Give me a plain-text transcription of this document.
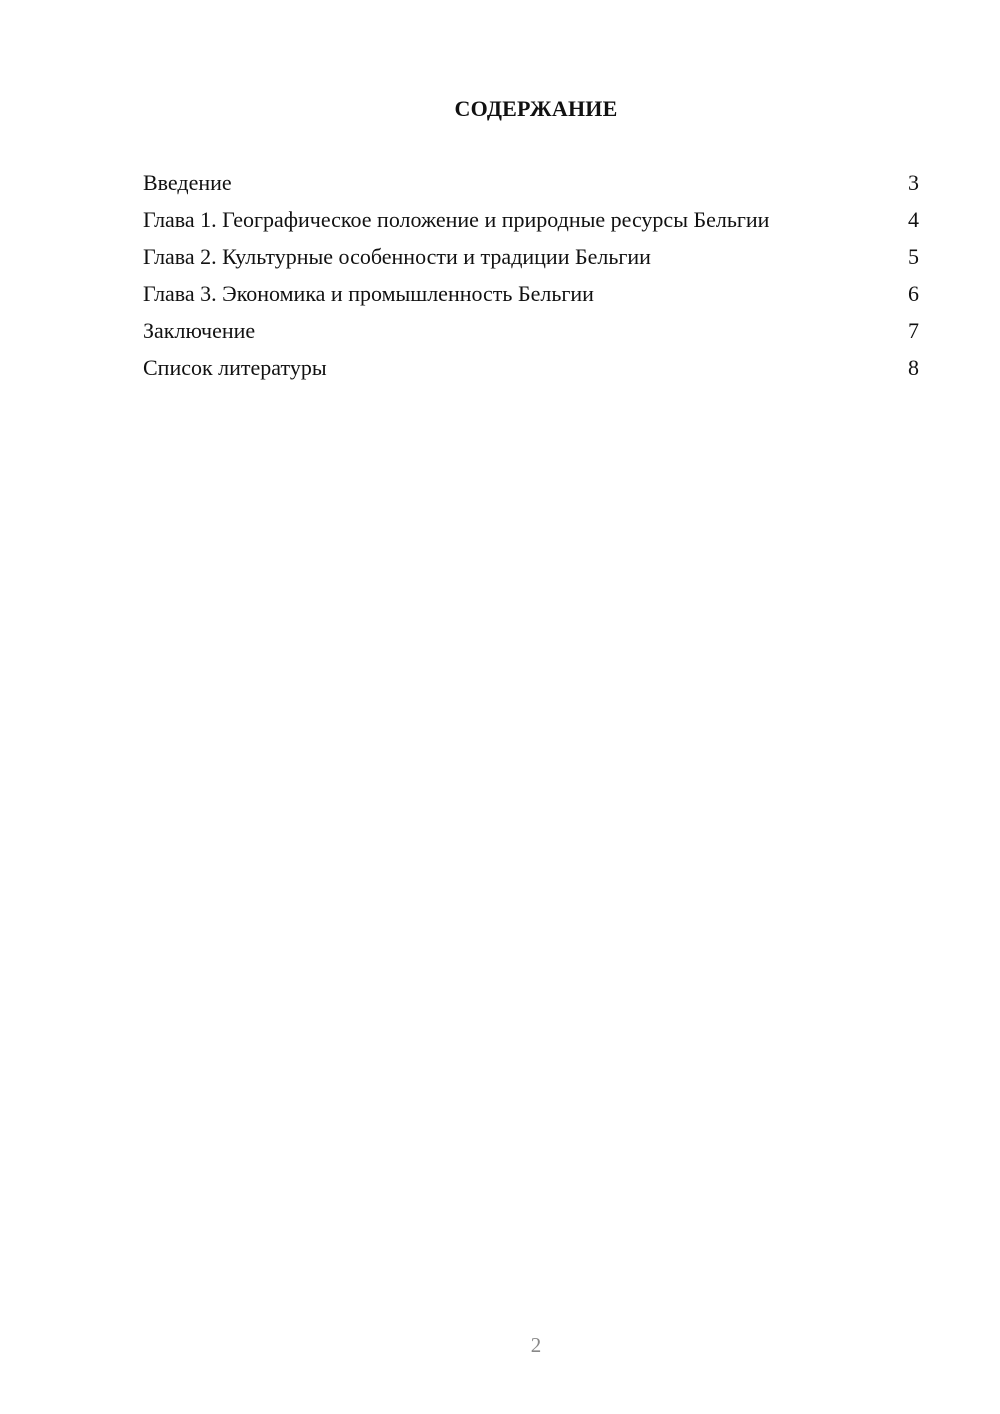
СОДЕРЖАНИЕ
Введение	3
Глава 1. Географическое положение и природные ресурсы Бельгии	4
Глава 2. Культурные особенности и традиции Бельгии	5
Глава 3. Экономика и промышленность Бельгии	6
Заключение	7
Список литературы	8
2
